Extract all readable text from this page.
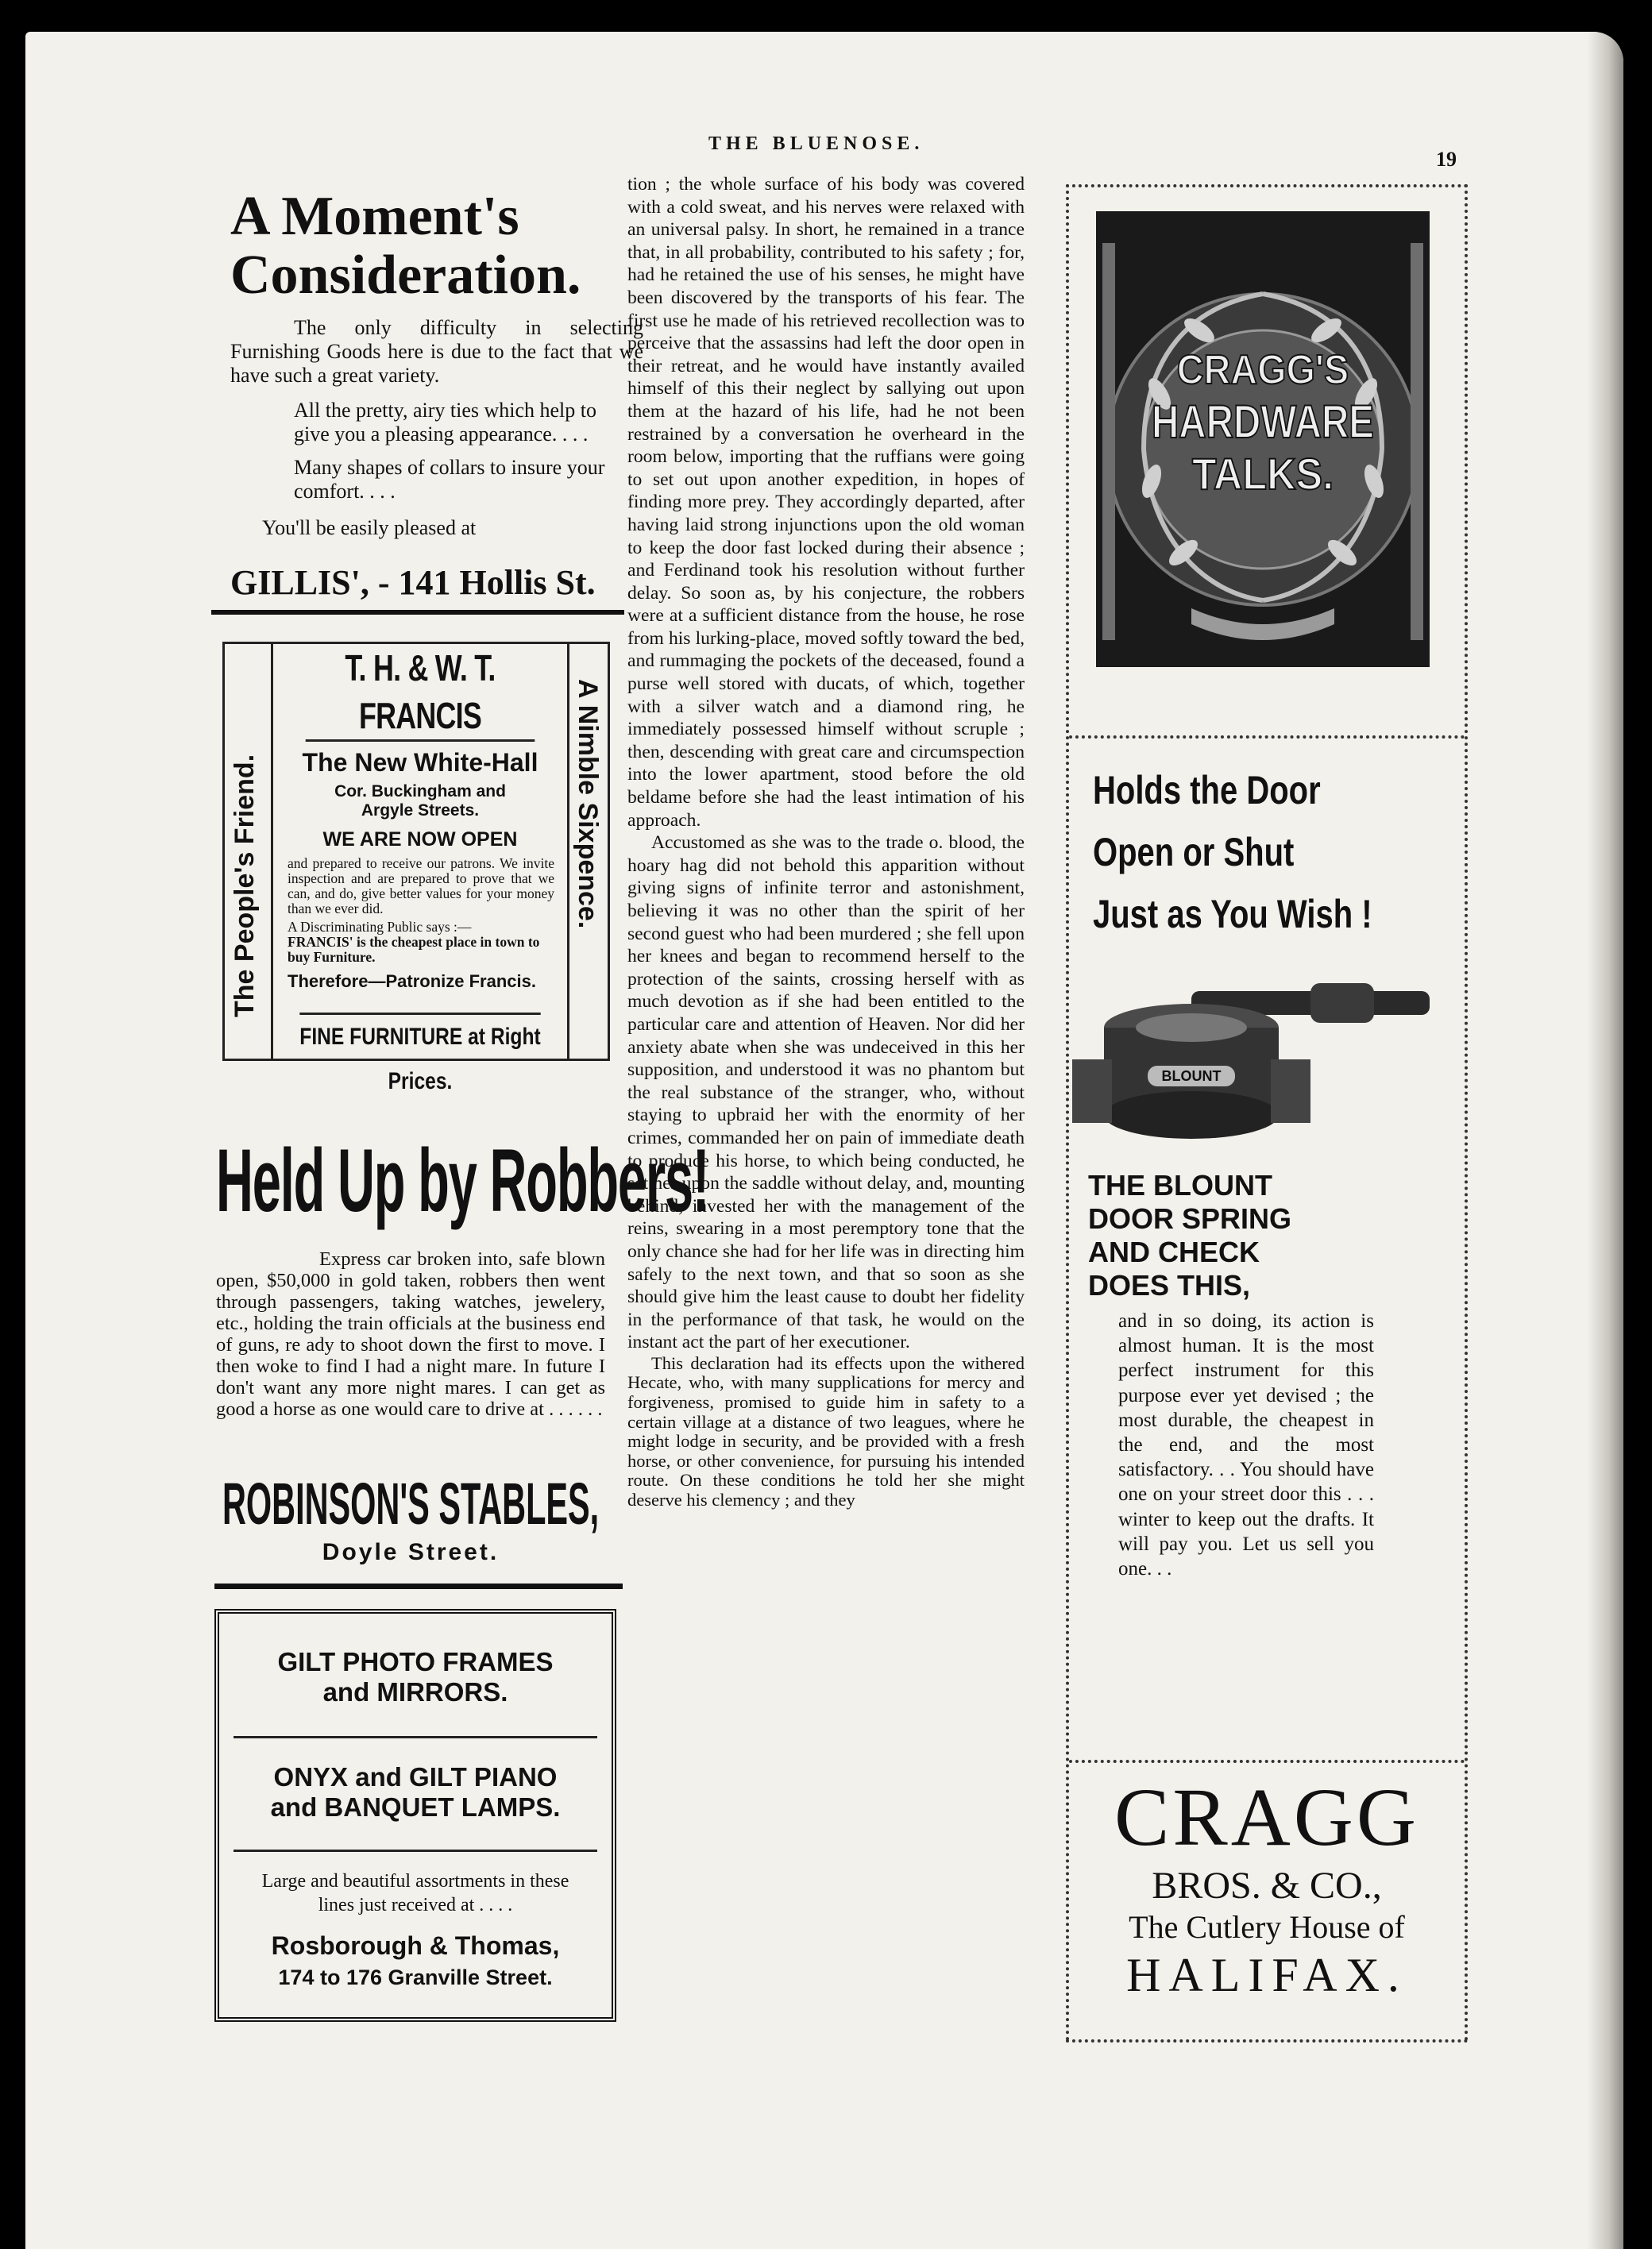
THE BLUENOSE.
19
A Moment's
Consideration.
The only difficulty in selecting Furnishing Goods here is due to the fact that we have such a great variety.
All the pretty, airy ties which help to give you a pleasing appearance. . . .
Many shapes of collars to insure your comfort. . . .
You'll be easily pleased at
GILLIS', - 141 Hollis St.
The People's Friend.	A Nimble Sixpence.
T. H. & W. T. FRANCIS
The New White-Hall
Cor. Buckingham and
Argyle Streets.
WE ARE NOW OPEN
and prepared to receive our patrons. We invite inspection and are prepared to prove that we can, and do, give better values for your money than we ever did.
A Discriminating Public says :—
FRANCIS' is the cheapest place in town to buy Furniture.
Therefore—Patronize Francis.
FINE FURNITURE at Right Prices.
Held Up by Robbers!
Express car broken into, safe blown open, $50,000 in gold taken, robbers then went through passengers, taking watches, jewelery, etc., holding the train officials at the business end of guns, re ady to shoot down the first to move. I then woke to find I had a night mare. In future I don't want any more night mares. I can get as good a horse as one would care to drive at . . . . . .
ROBINSON'S STABLES,
Doyle Street.
GILT PHOTO FRAMES
and MIRRORS.
ONYX and GILT PIANO
and BANQUET LAMPS.
Large and beautiful assortments in these lines just received at . . . .
Rosborough & Thomas,
174 to 176 Granville Street.

tion ; the whole surface of his body was covered with a cold sweat, and his nerves were relaxed with an universal palsy. In short, he remained in a trance that, in all probability, contributed to his safety ; for, had he retained the use of his senses, he might have been discovered by the transports of his fear. The first use he made of his retrieved recollection was to perceive that the assassins had left the door open in their retreat, and he would have instantly availed himself of this their neglect by sallying out upon them at the hazard of his life, had he not been restrained by a conversation he overheard in the room below, importing that the ruffians were going to set out upon another expedition, in hopes of finding more prey. They accordingly departed, after having laid strong injunctions upon the old woman to keep the door fast locked during their absence ; and Ferdinand took his resolution without further delay. So soon as, by his conjecture, the robbers were at a sufficient distance from the house, he rose from his lurking-place, moved softly toward the bed, and rummaging the pockets of the deceased, found a purse well stored with ducats, of which, together with a silver watch and a diamond ring, he immediately possessed himself without scruple ; then, descending with great care and circumspection into the lower apartment, stood before the old beldame before she had the least intimation of his approach.

Accustomed as she was to the trade o. blood, the hoary hag did not behold this apparition without giving signs of infinite terror and astonishment, believing it was no other than the spirit of her second guest who had been murdered ; she fell upon her knees and began to recommend herself to the protection of the saints, crossing herself with as much devotion as if she had been entitled to the particular care and attention of Heaven. Nor did her anxiety abate when she was undeceived in this her supposition, and understood it was no phantom but the real substance of the stranger, who, without staying to upbraid her with the enormity of her crimes, commanded her on pain of immediate death to produce his horse, to which being conducted, he set her upon the saddle without delay, and, mounting behind, invested her with the management of the reins, swearing in a most peremptory tone that the only chance she had for her life was in directing him safely to the next town, and that so soon as she should give him the least cause to doubt her fidelity in the performance of that task, he would on the instant act the part of her executioner.

This declaration had its effects upon the withered Hecate, who, with many supplications for mercy and forgiveness, promised to guide him in safety to a certain village at a distance of two leagues, where he might lodge in security, and be provided with a fresh horse, or other convenience, for pursuing his intended route. On these conditions he told her she might deserve his clemency ; and they

CRAGG'S
HARDWARE
TALKS.
Holds the Door
Open or Shut
Just as You Wish !
BLOUNT
THE BLOUNT
DOOR SPRING
AND CHECK
DOES THIS,
and in so doing, its action is almost human. It is the most perfect instrument for this purpose ever yet devised ; the most durable, the cheapest in the end, and the most satisfactory. . . You should have one on your street door this . . . winter to keep out the drafts. It will pay you. Let us sell you one. . .
CRAGG
BROS. & CO.,
The Cutlery House of
HALIFAX.
